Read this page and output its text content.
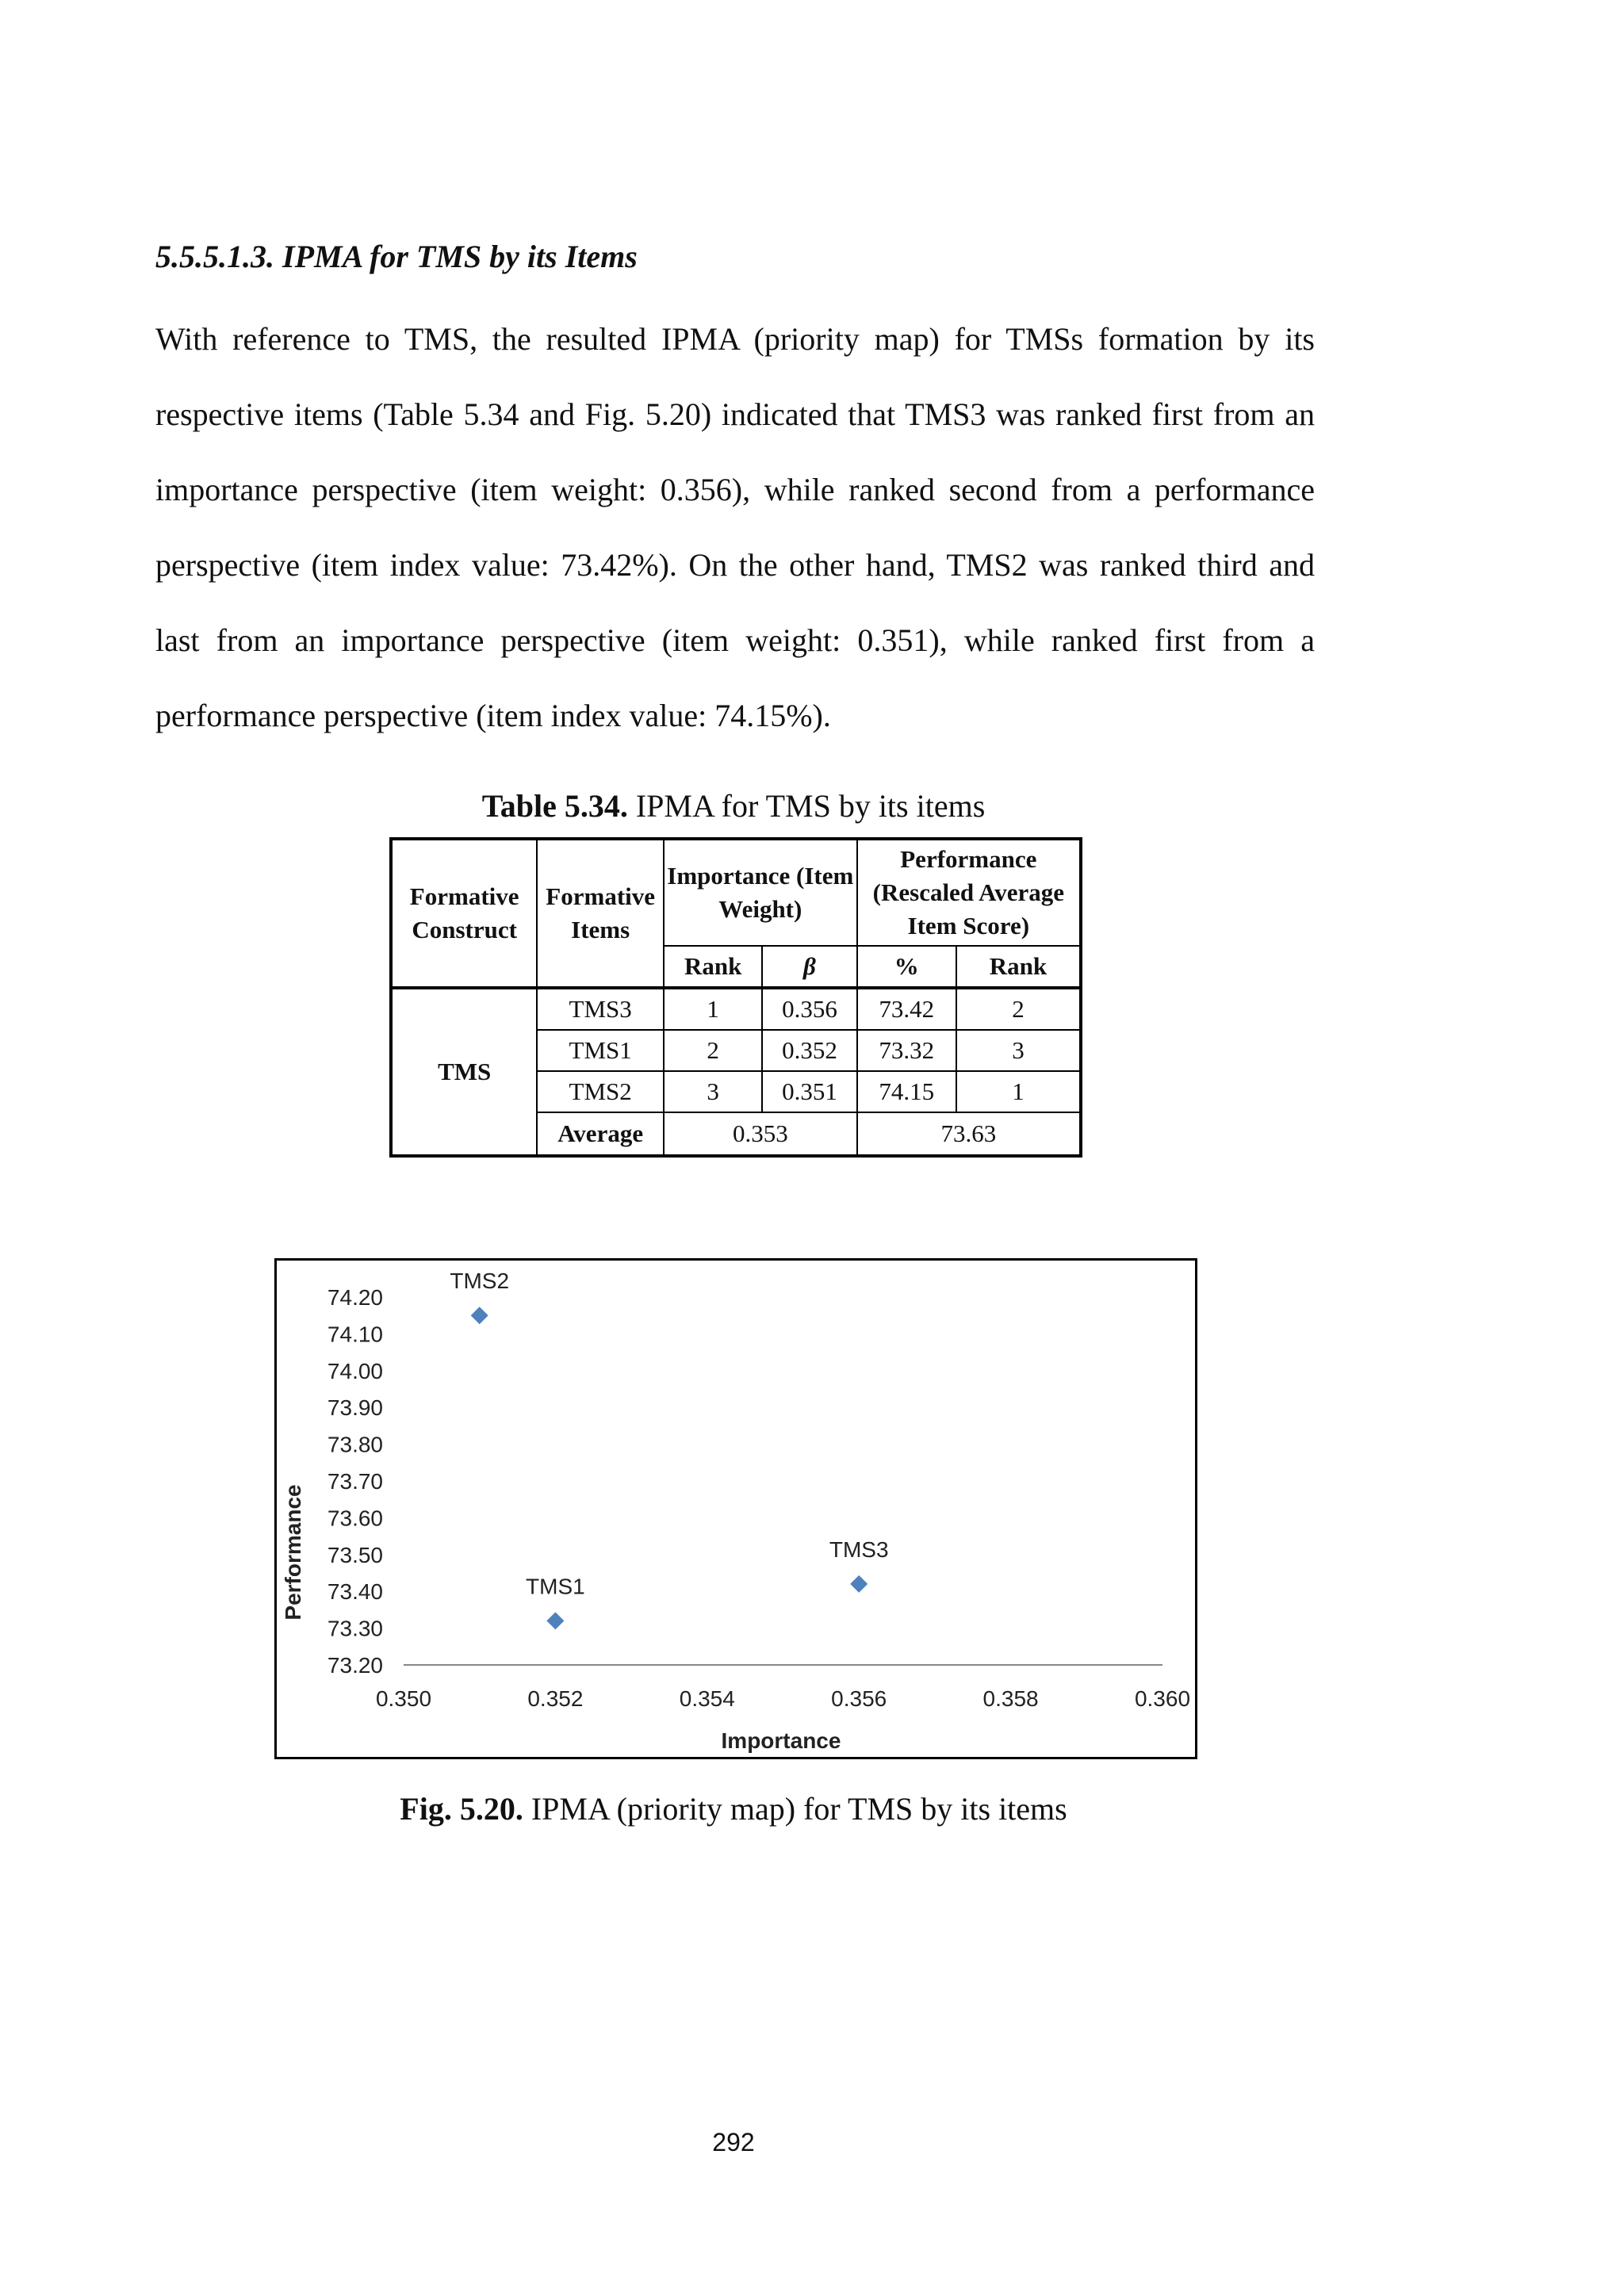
5.5.5.1.3. IPMA for TMS by its Items

With reference to TMS, the resulted IPMA (priority map) for TMSs formation by its respective items (Table 5.34 and Fig. 5.20) indicated that TMS3 was ranked first from an importance perspective (item weight: 0.356), while ranked second from a performance perspective (item index value: 73.42%). On the other hand, TMS2 was ranked third and last from an importance perspective (item weight: 0.351), while ranked first from a performance perspective (item index value: 74.15%).

Table 5.34. IPMA for TMS by its items
Formative Construct	Formative Items	Importance (Item Weight)		Performance (Rescaled Average Item Score)	
		Rank	β	%	Rank
TMS	TMS3	1	0.356	73.42	2
	TMS1	2	0.352	73.32	3
	TMS2	3	0.351	74.15	1
	Average	0.353		73.63	
73.20
73.30
73.40
73.50
73.60
73.70
73.80
73.90
74.00
74.10
74.20
0.350	0.352	0.354	0.356	0.358	0.360
TMS2
TMS1
TMS3
Performance
Importance
Fig. 5.20. IPMA (priority map) for TMS by its items
292
